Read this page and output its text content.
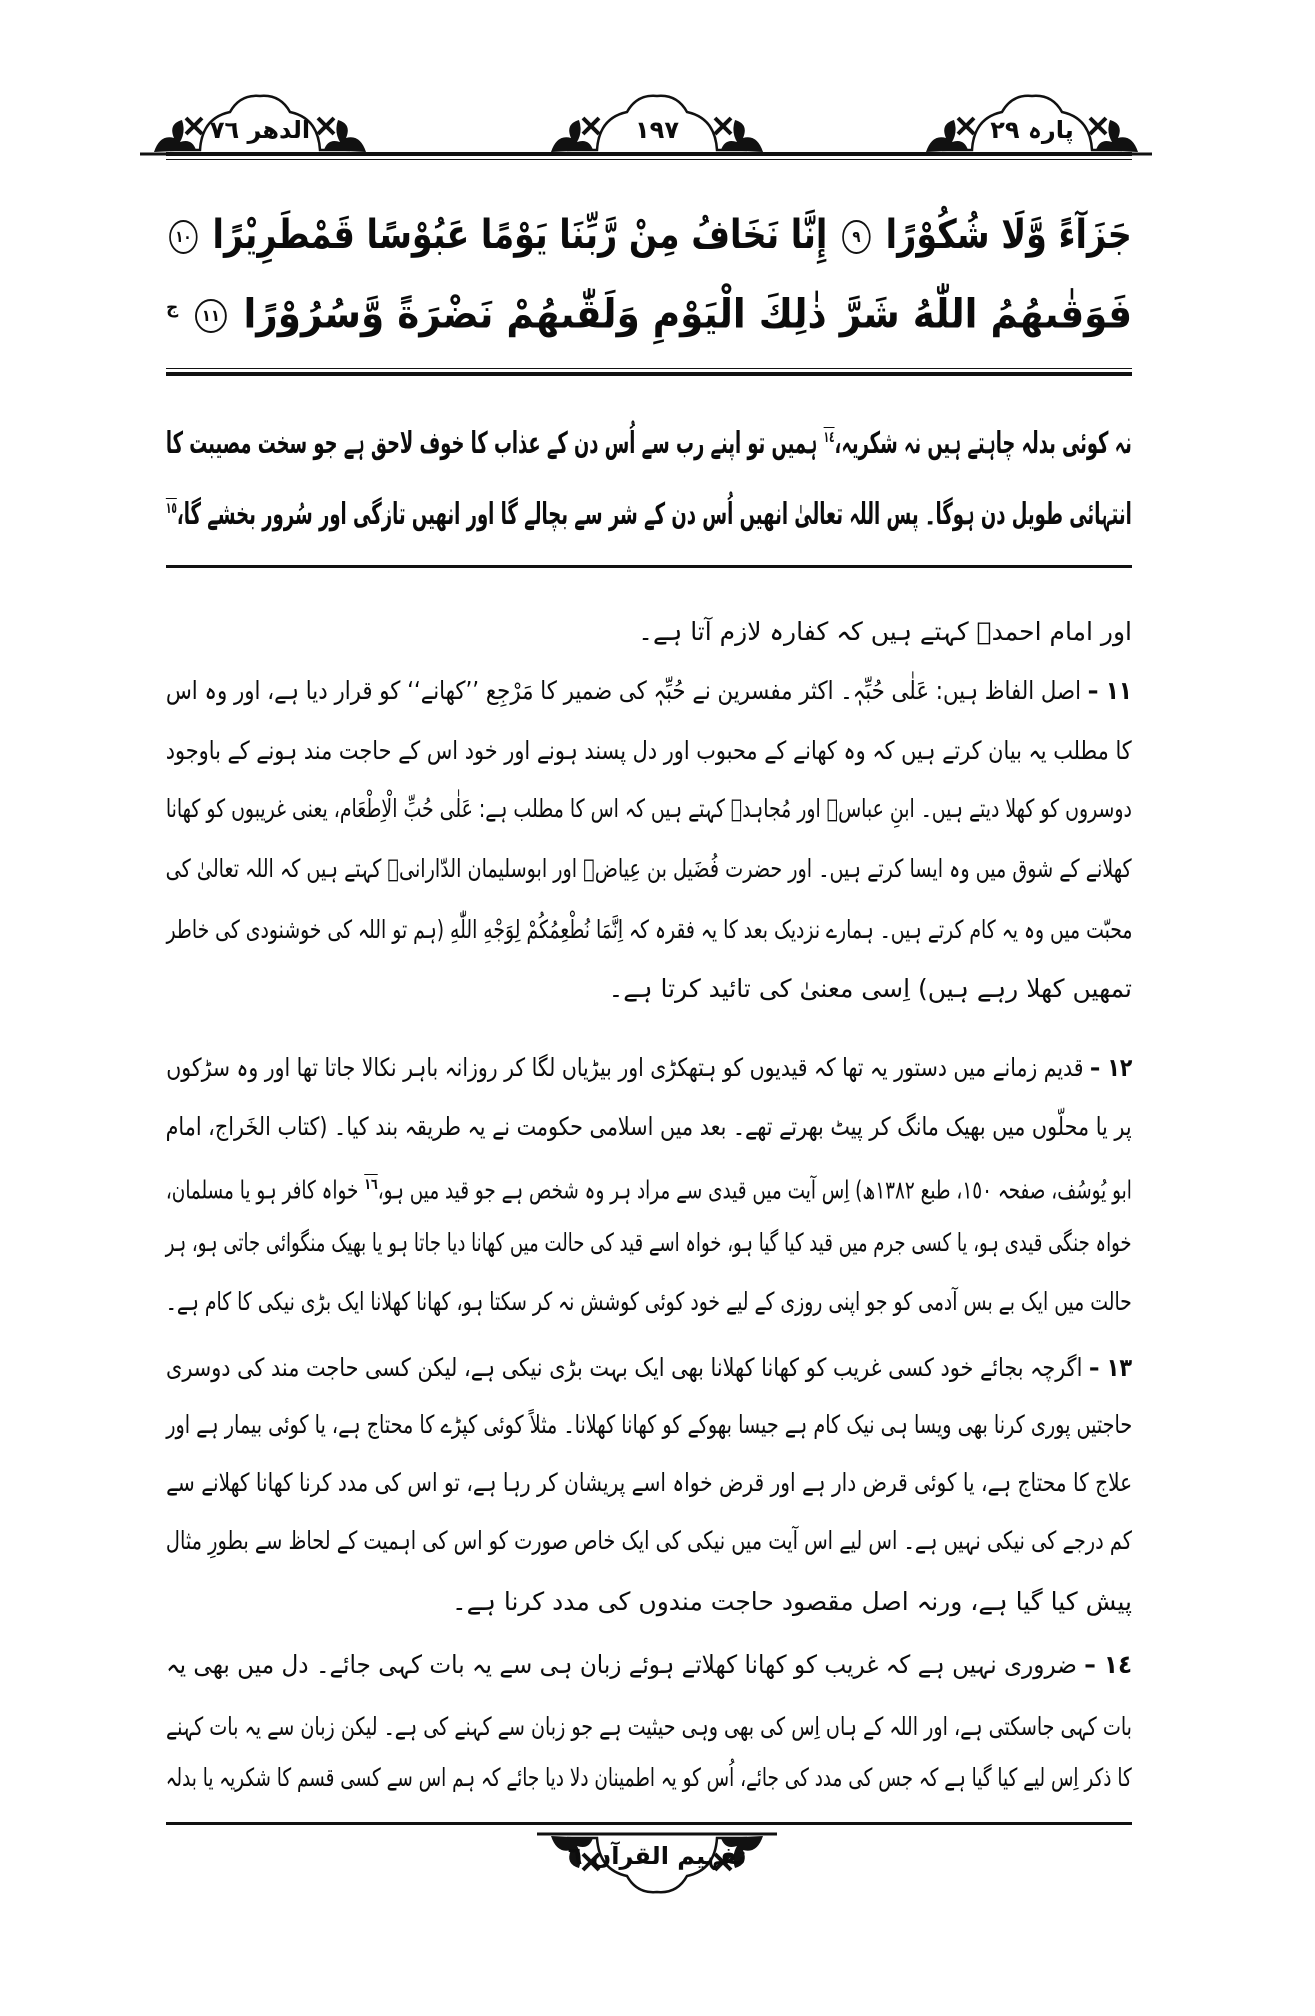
الدهر ٧٦	١٩٧	پارہ ٢٩
جَزَآءً وَّلَا شُكُوْرًا ٩ إِنَّا نَخَافُ مِنْ رَّبِّنَا يَوْمًا عَبُوْسًا قَمْطَرِيْرًا ١٠
فَوَقٰىهُمُ اللّٰهُ شَرَّ ذٰلِكَ الْيَوْمِ وَلَقّٰىهُمْ نَضْرَةً وَّسُرُوْرًا ١١ $^ج$
نہ کوئی بدلہ چاہتے ہیں نہ شکریہ،$^{١٤}$ ہمیں تو اپنے رب سے اُس دن کے عذاب کا خوف لاحق ہے جو سخت مصیبت کا
انتہائی طویل دن ہوگا۔ پس اللہ تعالیٰ انھیں اُس دن کے شر سے بچالے گا اور انھیں تازگی اور سُرور بخشے گا،$^{١٥}$
اور امام احمدؒ کہتے ہیں کہ کفارہ لازم آتا ہے۔
١١ – اصل الفاظ ہیں: عَلٰی حُبِّہٖ۔ اکثر مفسرین نے حُبِّہٖ کی ضمیر کا مَرْجِع ’’کھانے‘‘ کو قرار دیا ہے، اور وہ اس
کا مطلب یہ بیان کرتے ہیں کہ وہ کھانے کے محبوب اور دل پسند ہونے اور خود اس کے حاجت مند ہونے کے باوجود
دوسروں کو کھلا دیتے ہیں۔ ابنِ عباسؓ اور مُجاہدؒ کہتے ہیں کہ اس کا مطلب ہے: عَلٰی حُبِّ الْاِطْعَام، یعنی غریبوں کو کھانا
کھلانے کے شوق میں وہ ایسا کرتے ہیں۔ اور حضرت فُضَیل بن عِیاضؒ اور ابوسلیمان الدّارانیؒ کہتے ہیں کہ اللہ تعالیٰ کی
محبّت میں وہ یہ کام کرتے ہیں۔ ہمارے نزدیک بعد کا یہ فقرہ کہ اِنَّمَا نُطْعِمُكُمْ لِوَجْهِ اللّٰهِ (ہم تو اللہ کی خوشنودی کی خاطر
تمھیں کھلا رہے ہیں) اِسی معنیٰ کی تائید کرتا ہے۔
١٢ – قدیم زمانے میں دستور یہ تھا کہ قیدیوں کو ہتھکڑی اور بیڑیاں لگا کر روزانہ باہر نکالا جاتا تھا اور وہ سڑکوں
پر یا محلّوں میں بھیک مانگ کر پیٹ بھرتے تھے۔ بعد میں اسلامی حکومت نے یہ طریقہ بند کیا۔ (کتاب الخَراج، امام
ابو یُوسُف، صفحہ ١٥٠، طبع ١٣٨٢ھ) اِس آیت میں قیدی سے مراد ہر وہ شخص ہے جو قید میں ہو،$^{١٦}$ خواہ کافر ہو یا مسلمان،
خواہ جنگی قیدی ہو، یا کسی جرم میں قید کیا گیا ہو، خواہ اسے قید کی حالت میں کھانا دیا جاتا ہو یا بھیک منگوائی جاتی ہو، ہر
حالت میں ایک بے بس آدمی کو جو اپنی روزی کے لیے خود کوئی کوشش نہ کر سکتا ہو، کھانا کھلانا ایک بڑی نیکی کا کام ہے۔
١٣ – اگرچہ بجائے خود کسی غریب کو کھانا کھلانا بھی ایک بہت بڑی نیکی ہے، لیکن کسی حاجت مند کی دوسری
حاجتیں پوری کرنا بھی ویسا ہی نیک کام ہے جیسا بھوکے کو کھانا کھلانا۔ مثلاً کوئی کپڑے کا محتاج ہے، یا کوئی بیمار ہے اور
علاج کا محتاج ہے، یا کوئی قرض دار ہے اور قرض خواہ اسے پریشان کر رہا ہے، تو اس کی مدد کرنا کھانا کھلانے سے
کم درجے کی نیکی نہیں ہے۔ اس لیے اس آیت میں نیکی کی ایک خاص صورت کو اس کی اہمیت کے لحاظ سے بطورِ مثال
پیش کیا گیا ہے، ورنہ اصل مقصود حاجت مندوں کی مدد کرنا ہے۔
١٤ – ضروری نہیں ہے کہ غریب کو کھانا کھلاتے ہوئے زبان ہی سے یہ بات کہی جائے۔ دل میں بھی یہ
بات کہی جاسکتی ہے، اور اللہ کے ہاں اِس کی بھی وہی حیثیت ہے جو زبان سے کہنے کی ہے۔ لیکن زبان سے یہ بات کہنے
کا ذکر اِس لیے کیا گیا ہے کہ جس کی مدد کی جائے، اُس کو یہ اطمینان دلا دیا جائے کہ ہم اس سے کسی قسم کا شکریہ یا بدلہ
تفہیم القرآن ٦
